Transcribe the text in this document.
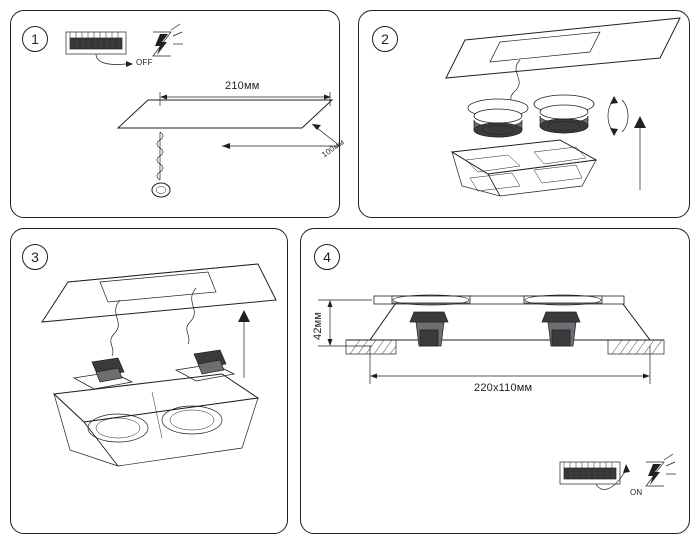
1
OFF
210мм
100мм
2
3	4
42мм
220х110мм
ON
